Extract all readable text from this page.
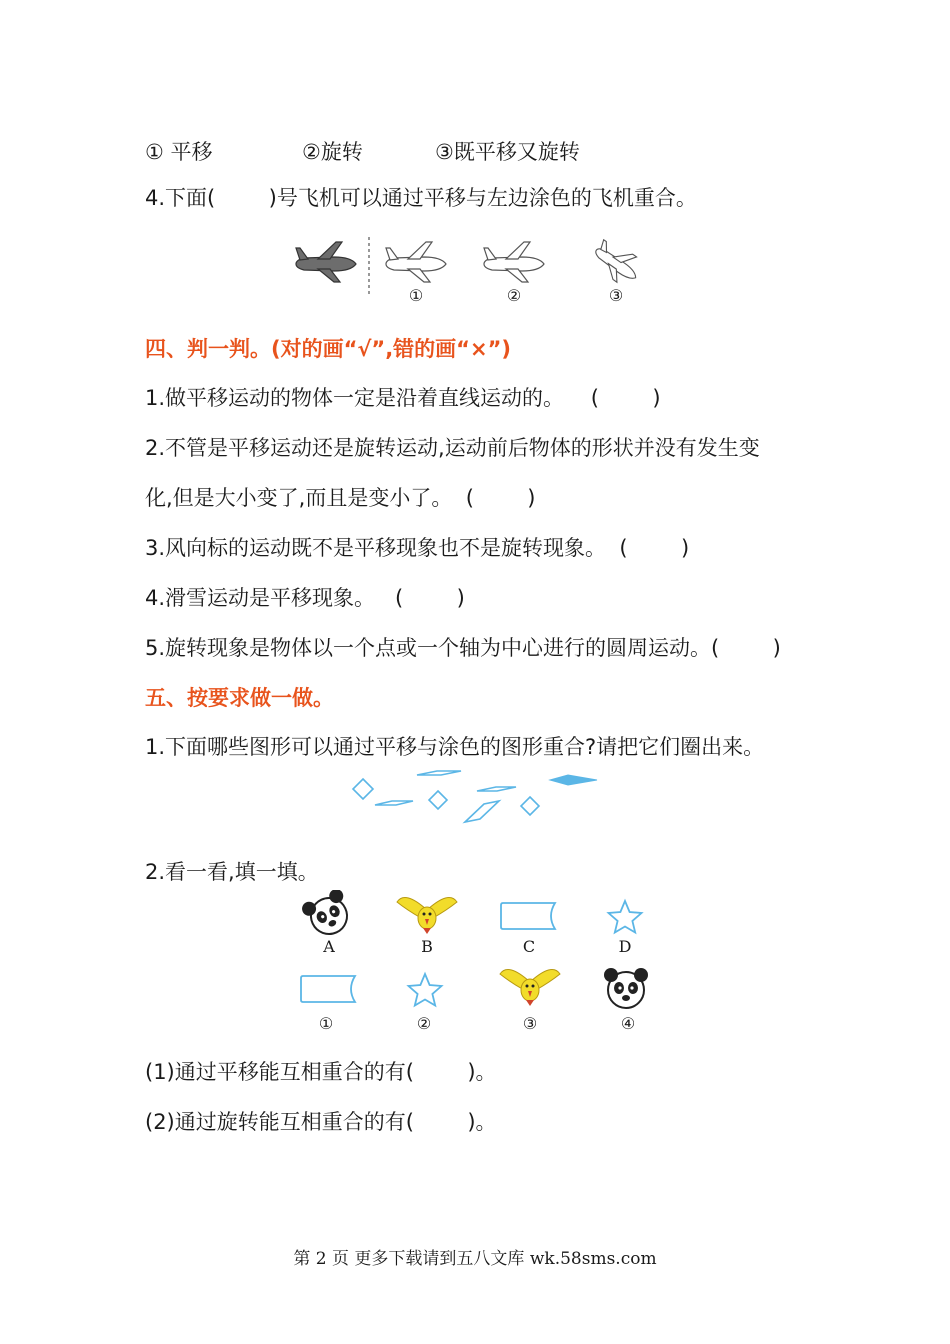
① 平移	②旋转	③既平移又旋转
4.下面(        )号飞机可以通过平移与左边涂色的飞机重合。
①	②	③
四、判一判。(对的画“√”,错的画“×”)
1.做平移运动的物体一定是沿着直线运动的。    (        )
2.不管是平移运动还是旋转运动,运动前后物体的形状并没有发生变
化,但是大小变了,而且是变小了。  (        )
3.风向标的运动既不是平移现象也不是旋转现象。  (        )
4.滑雪运动是平移现象。   (        )
5.旋转现象是物体以一个点或一个轴为中心进行的圆周运动。(        )
五、按要求做一做。
1.下面哪些图形可以通过平移与涂色的图形重合?请把它们圈出来。
2.看一看,填一填。
A	B	C	D
①	②	③	④
(1)通过平移能互相重合的有(        )。
(2)通过旋转能互相重合的有(        )。
第 2 页 更多下载请到五八文库 wk.58sms.com
